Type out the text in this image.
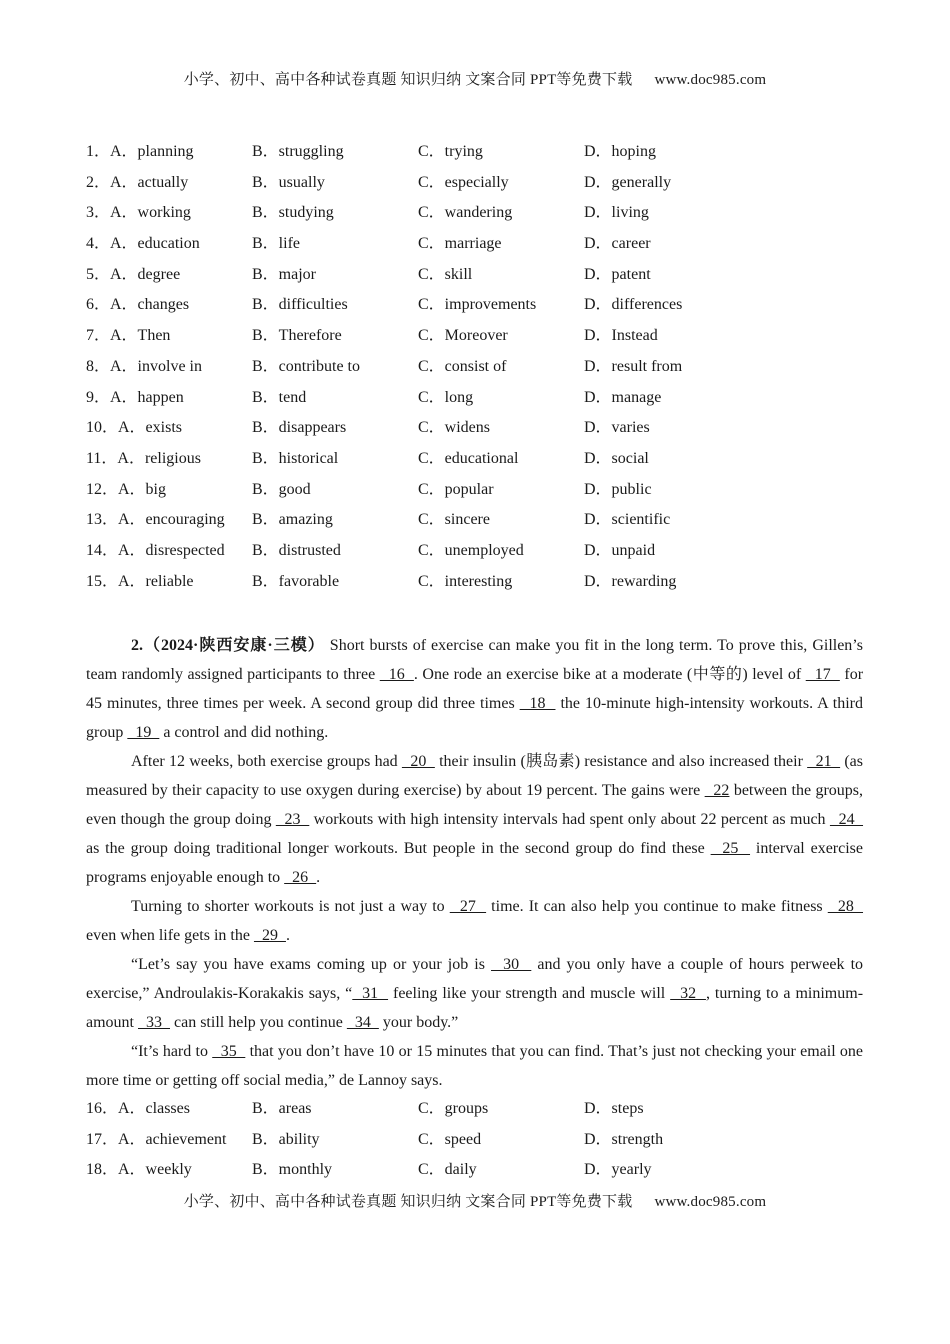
小学、初中、高中各种试卷真题 知识归纳 文案合同 PPT等免费下载 www.doc985.com
1．A．planning	B．struggling	C．trying	D．hoping
2．A．actually	B．usually	C．especially	D．generally
3．A．working	B．studying	C．wandering	D．living
4．A．education	B．life	C．marriage	D．career
5．A．degree	B．major	C．skill	D．patent
6．A．changes	B．difficulties	C．improvements	D．differences
7．A．Then	B．Therefore	C．Moreover	D．Instead
8．A．involve in	B．contribute to	C．consist of	D．result from
9．A．happen	B．tend	C．long	D．manage
10．A．exists	B．disappears	C．widens	D．varies
11．A．religious	B．historical	C．educational	D．social
12．A．big	B．good	C．popular	D．public
13．A．encouraging B．amazing	C．sincere	D．scientific
14．A．disrespected B．distrusted	C．unemployed	D．unpaid
15．A．reliable	B．favorable	C．interesting	D．rewarding

2.（2024·陕西安康·三模） Short bursts of exercise can make you fit in the long term. To prove this, Gillen’s team randomly assigned participants to three   16  . One rode an exercise bike at a moderate (中等的) level of   17   for 45 minutes, three times per week. A second group did three times   18   the 10-minute high-intensity workouts. A third group   19   a control and did nothing.

After 12 weeks, both exercise groups had   20   their insulin (胰岛素) resistance and also increased their   21   (as measured by their capacity to use oxygen during exercise) by about 19 percent. The gains were   22 between the groups, even though the group doing   23   workouts with high intensity intervals had spent only about 22 percent as much   24   as the group doing traditional longer workouts. But people in the second group do find these   25   interval exercise programs enjoyable enough to   26  .

Turning to shorter workouts is not just a way to   27   time. It can also help you continue to make fitness   28   even when life gets in the   29  .

“Let’s say you have exams coming up or your job is   30   and you only have a couple of hours perweek to exercise,” Androulakis-Korakakis says, “  31   feeling like your strength and muscle will   32  , turning to a minimum-amount   33   can still help you continue   34   your body.”

“It’s hard to   35   that you don’t have 10 or 15 minutes that you can find. That’s just not checking your email one more time or getting off social media,” de Lannoy says.

16．A．classes	B．areas	C．groups	D．steps
17．A．achievement B．ability	C．speed	D．strength
18．A．weekly	B．monthly	C．daily	D．yearly
小学、初中、高中各种试卷真题 知识归纳 文案合同 PPT等免费下载 www.doc985.com
